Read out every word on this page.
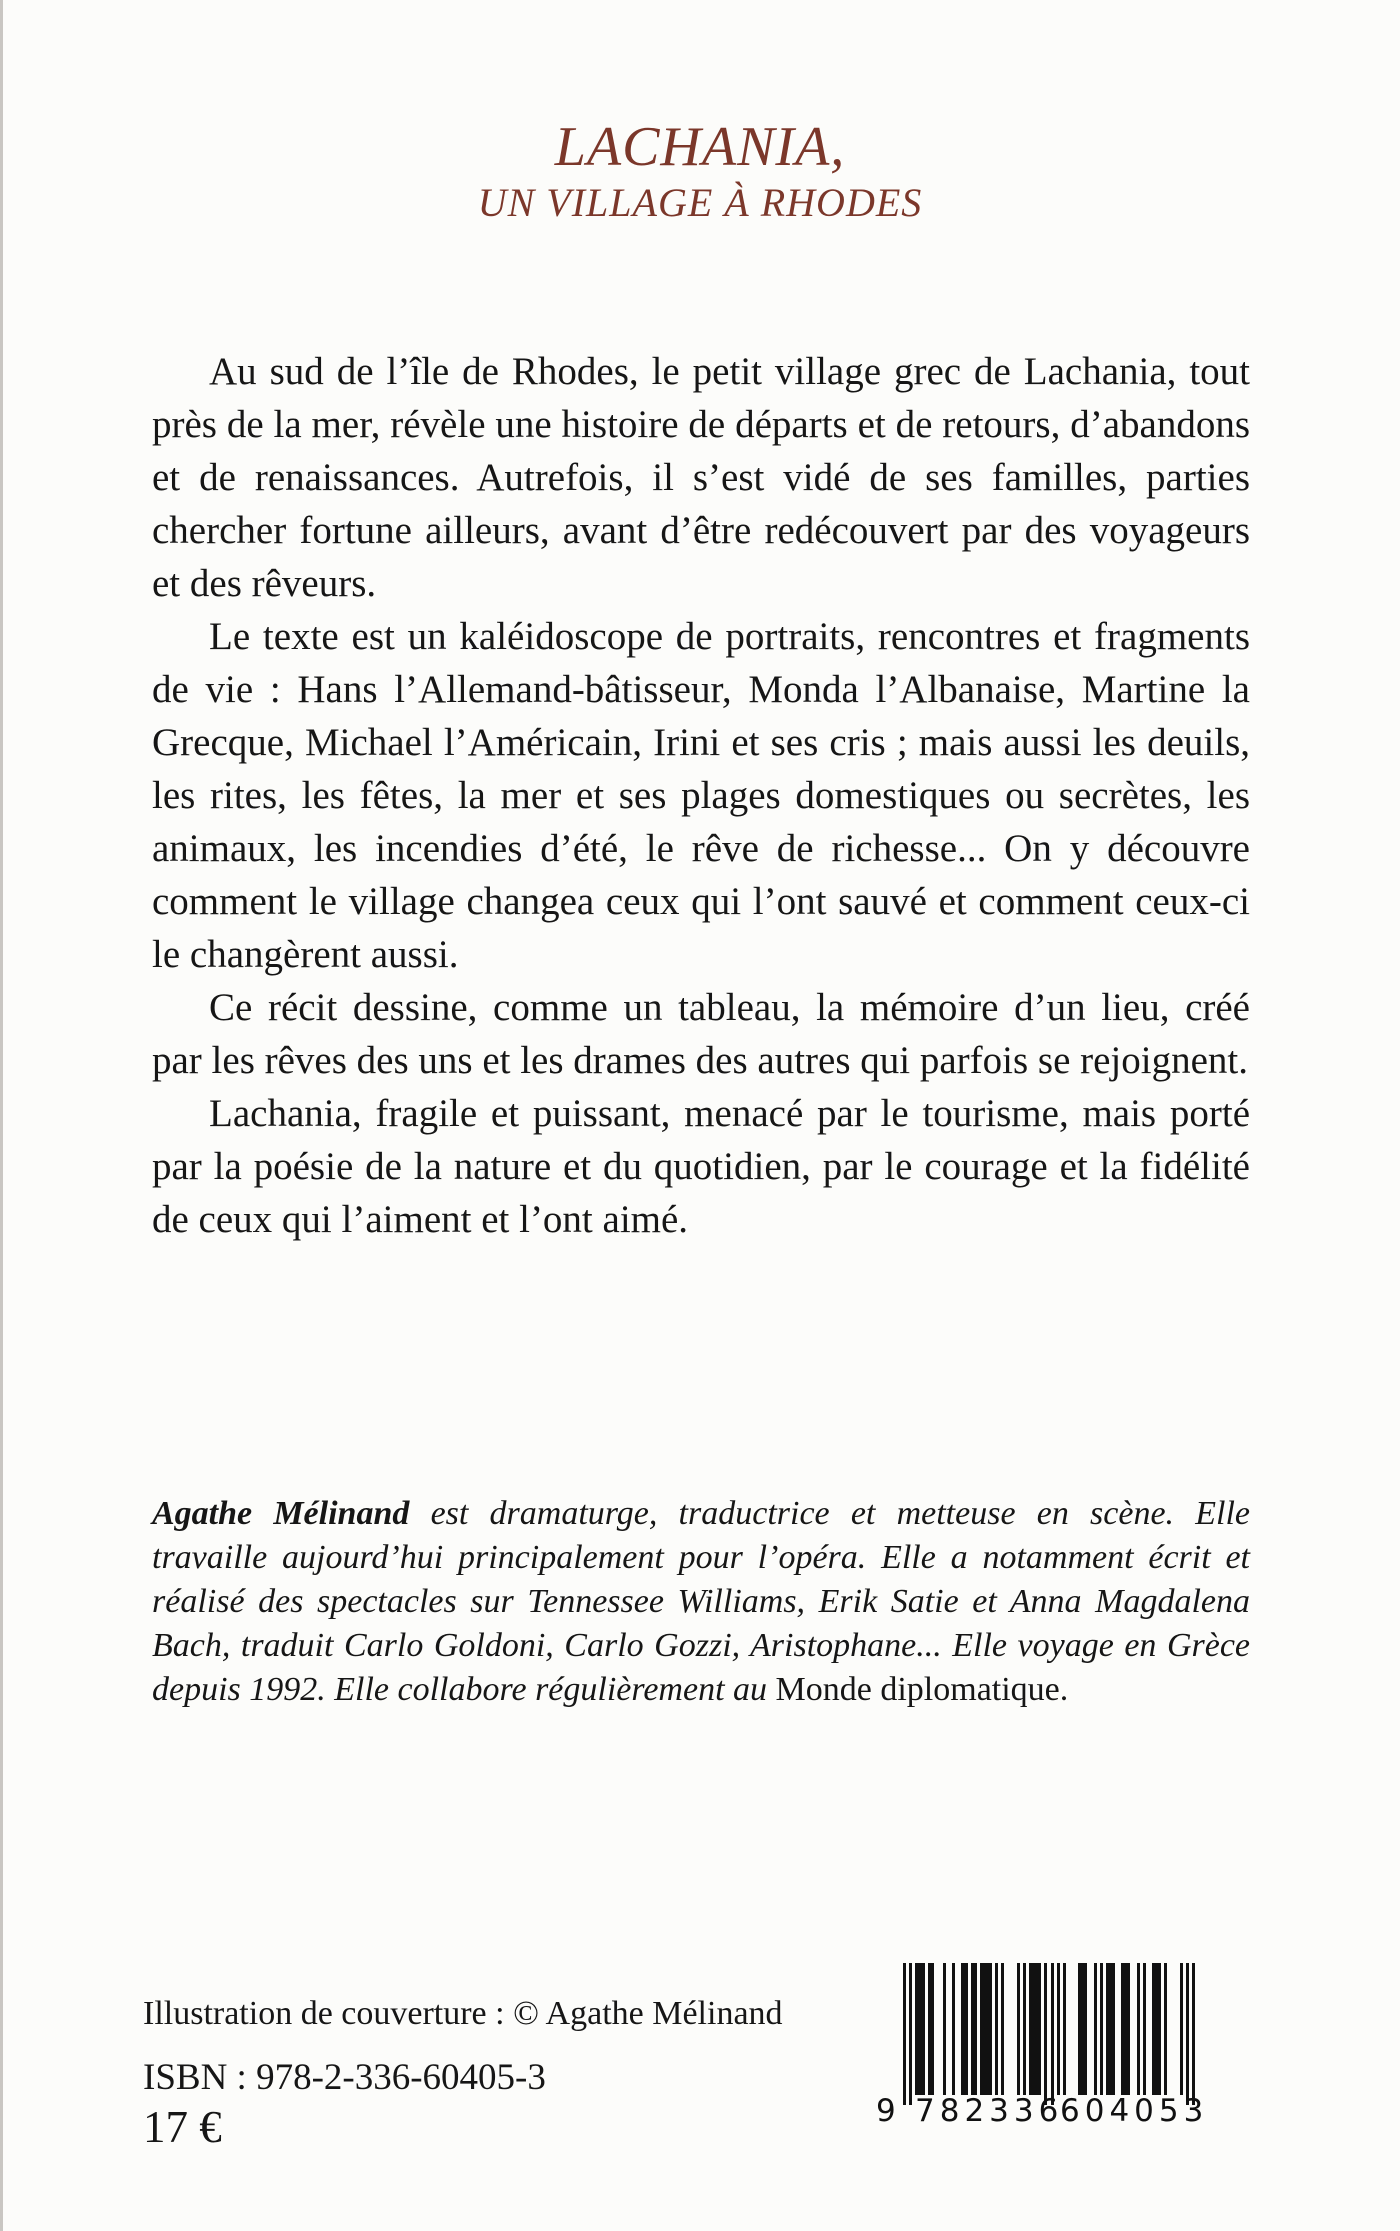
LACHANIA,
UN VILLAGE À RHODES

Au sud de l’île de Rhodes, le petit village grec de Lachania, tout près de la mer, révèle une histoire de départs et de retours, d’abandons et de renaissances. Autrefois, il s’est vidé de ses familles, parties chercher fortune ailleurs, avant d’être redécouvert par des voyageurs et des rêveurs.

Le texte est un kaléidoscope de portraits, rencontres et fragments de vie : Hans l’Allemand-bâtisseur, Monda l’Albanaise, Martine la Grecque, Michael l’Américain, Irini et ses cris ; mais aussi les deuils, les rites, les fêtes, la mer et ses plages domestiques ou secrètes, les animaux, les incendies d’été, le rêve de richesse... On y découvre comment le village changea ceux qui l’ont sauvé et comment ceux-ci le changèrent aussi.

Ce récit dessine, comme un tableau, la mémoire d’un lieu, créé par les rêves des uns et les drames des autres qui parfois se rejoignent.

Lachania, fragile et puissant, menacé par le tourisme, mais porté par la poésie de la nature et du quotidien, par le courage et la fidélité de ceux qui l’aiment et l’ont aimé.

Agathe Mélinand est dramaturge, traductrice et metteuse en scène. Elle travaille aujourd’hui principalement pour l’opéra. Elle a notamment écrit et réalisé des spectacles sur Tennessee Williams, Erik Satie et Anna Magdalena Bach, traduit Carlo Goldoni, Carlo Gozzi, Aristophane... Elle voyage en Grèce depuis 1992. Elle collabore régulièrement au Monde diplomatique.

Illustration de couverture : © Agathe Mélinand
ISBN : 978-2-336-60405-3
17 €	9 782336
604053
